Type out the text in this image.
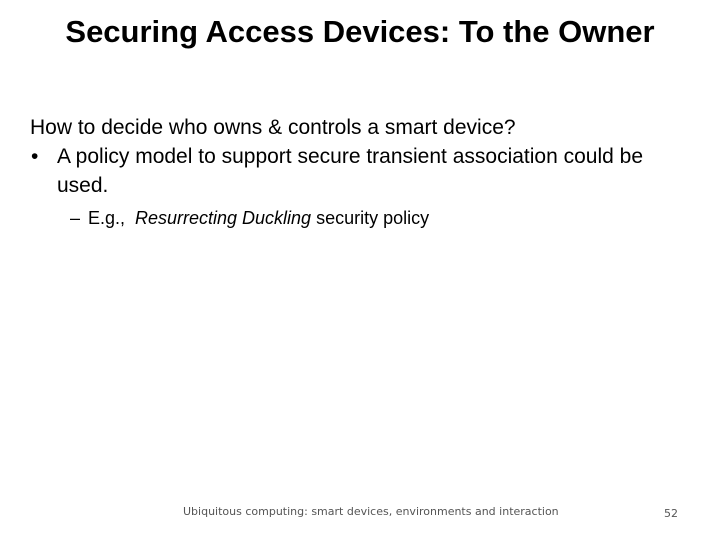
Securing Access Devices: To the Owner

How to decide who owns & controls a smart device?

• A policy model to support secure transient association could be used.
– E.g., Resurrecting Duckling security policy
Ubiquitous computing: smart devices, environments and interaction	52
